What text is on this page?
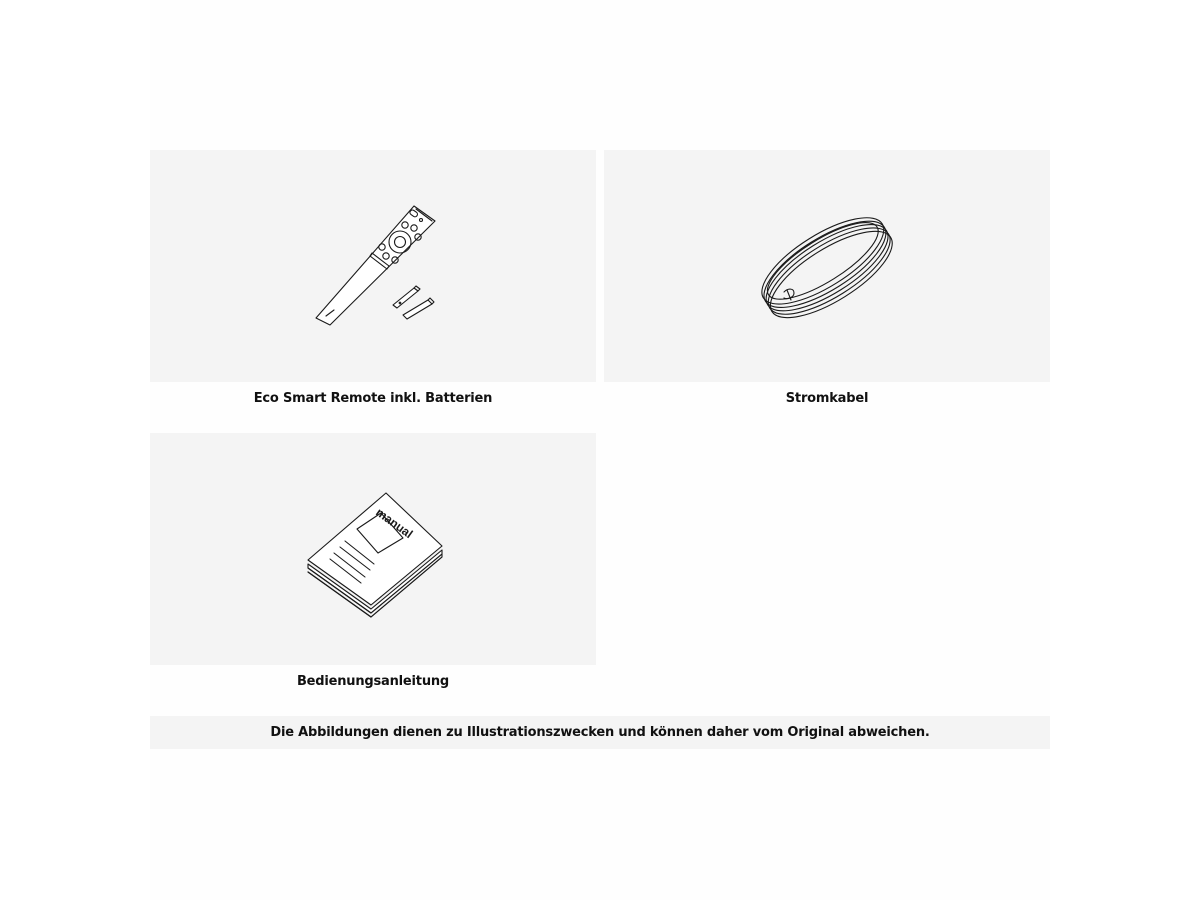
Eco Smart Remote inkl. Batterien	Stromkabel
manual
Bedienungsanleitung
Die Abbildungen dienen zu Illustrationszwecken und können daher vom Original abweichen.
